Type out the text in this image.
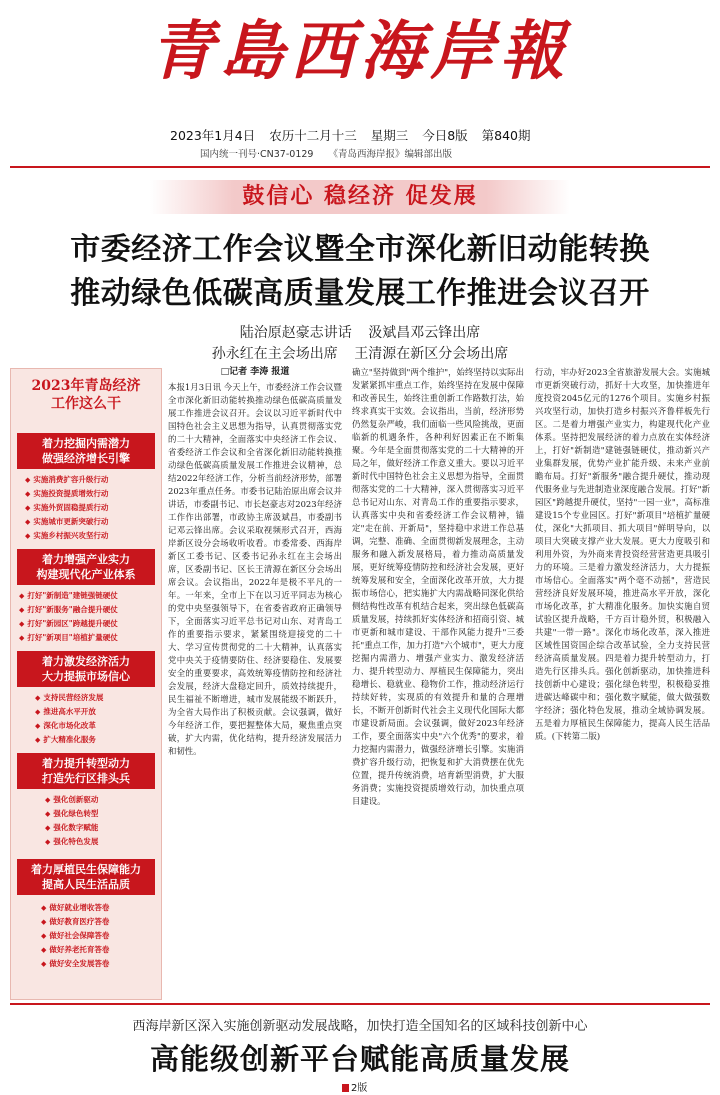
青島西海岸報
2023年1月4日 农历十二月十三 星期三 今日8版 第840期
国内统一刊号·CN37-0129 《青岛西海岸报》编辑部出版
鼓信心 稳经济 促发展
市委经济工作会议暨全市深化新旧动能转换
推动绿色低碳高质量发展工作推进会议召开
陆治原赵豪志讲话 汲斌昌邓云锋出席
孙永红在主会场出席 王清源在新区分会场出席
2023年青岛经济
工作这么干
着力挖掘内需潜力
做强经济增长引擎
◆ 实施消费扩容升级行动
◆ 实施投资提质增效行动
◆ 实施外贸固稳提质行动
◆ 实施城市更新突破行动
◆ 实施乡村振兴攻坚行动
着力增强产业实力
构建现代化产业体系
◆ 打好"新制造"建链强链硬仗
◆ 打好"新服务"融合提升硬仗
◆ 打好"新园区"跨越提升硬仗
◆ 打好"新项目"培植扩量硬仗
着力激发经济活力
大力提振市场信心
◆ 支持民营经济发展
◆ 推进高水平开放
◆ 深化市场化改革
◆ 扩大精准化服务
着力提升转型动力
打造先行区排头兵
◆ 强化创新驱动
◆ 强化绿色转型
◆ 强化数字赋能
◆ 强化特色发展
着力厚植民生保障能力
提高人民生活品质
◆ 做好就业增收答卷
◆ 做好教育医疗答卷
◆ 做好社会保障答卷
◆ 做好养老托育答卷
◆ 做好安全发展答卷
□记者 李涛 报道
本报1月3日讯 今天上午，市委经济工作会议暨全市深化新旧动能转换推动绿色低碳高质量发展工作推进会议召开。会议以习近平新时代中国特色社会主义思想为指导，认真贯彻落实党的二十大精神，全面落实中央经济工作会议、省委经济工作会议和全省深化新旧动能转换推动绿色低碳高质量发展工作推进会议精神，总结2022年经济工作，分析当前经济形势，部署2023年重点任务。市委书记陆治原出席会议并讲话，市委副书记、市长赵豪志对2023年经济工作作出部署，市政协主席汲斌昌，市委副书记邓云锋出席。会议采取视频形式召开，西海岸新区设分会场收听收看。市委常委、西海岸新区工委书记、区委书记孙永红在主会场出席，区委副书记、区长王清源在新区分会场出席会议。会议指出，2022年是极不平凡的一年。一年来，全市上下在以习近平同志为核心的党中央坚强领导下，在省委省政府正确领导下，全面落实习近平总书记对山东、对青岛工作的重要指示要求，紧紧围绕迎接党的二十大、学习宣传贯彻党的二十大精神，认真落实党中央关于疫情要防住、经济要稳住、发展要安全的重要要求，高效统筹疫情防控和经济社会发展，经济大盘稳定回升，质效持续提升，民生福祉不断增进，城市发展能级不断跃升，为全省大局作出了积极贡献。会议强调，做好今年经济工作，要把握整体大局，聚焦重点突破，扩大内需，优化结构，提升经济发展活力和韧性。
确立"坚持做到"两个维护"，始终坚持以实际出发紧紧抓牢重点工作，始终坚持在发展中保障和改善民生，始终注重创新工作路数打法，始终求真实干实效。会议指出，当前，经济形势仍然复杂严峻，我们面临一些风险挑战，更面临新的机遇条件，各种利好因素正在不断集聚。今年是全面贯彻落实党的二十大精神的开局之年，做好经济工作意义重大。要以习近平新时代中国特色社会主义思想为指导，全面贯彻落实党的二十大精神，深入贯彻落实习近平总书记对山东、对青岛工作的重要指示要求，认真落实中央和省委经济工作会议精神，锚定"走在前、开新局"，坚持稳中求进工作总基调，完整、准确、全面贯彻新发展理念，主动服务和融入新发展格局，着力推动高质量发展，更好统筹疫情防控和经济社会发展，更好统筹发展和安全，全面深化改革开放，大力提振市场信心，把实施扩大内需战略同深化供给侧结构性改革有机结合起来，突出绿色低碳高质量发展，持续抓好实体经济和招商引资、城市更新和城市建设、干部作风能力提升"三委托"重点工作，加力打造"六个城市"，更大力度挖掘内需潜力、增强产业实力、激发经济活力、提升转型动力、厚植民生保障能力，突出稳增长、稳就业、稳物价工作，推动经济运行持续好转，实现质的有效提升和量的合理增长，不断开创新时代社会主义现代化国际大都市建设新局面。会议强调，做好2023年经济工作，要全面落实中央"六个优秀"的要求，着力挖掘内需潜力，做强经济增长引擎。实施消费扩容升级行动，把恢复和扩大消费摆在优先位置，提升传统消费，培育新型消费，扩大服务消费；实施投资提质增效行动，加快重点项目建设。
行动，牢办好2023全省旅游发展大会。实施城市更新突破行动，抓好十大攻坚，加快推进年度投资2045亿元的1276个项目。实施乡村振兴攻坚行动，加快打造乡村振兴齐鲁样板先行区。二是着力增强产业实力，构建现代化产业体系。坚持把发展经济的着力点放在实体经济上，打好"新制造"建链强链硬仗，推动新兴产业集群发展，优势产业扩能升级、未来产业前瞻布局。打好"新服务"融合提升硬仗，推动现代服务业与先进制造业深度融合发展。打好"新园区"跨越提升硬仗，坚持"一园一业"，高标准建设15个专业园区。打好"新项目"培植扩量硬仗，深化"大抓项目、抓大项目"鲜明导向，以项目大突破支撑产业大发展。更大力度吸引和利用外资，为外商来青投资经营营造更具吸引力的环境。三是着力激发经济活力，大力提振市场信心。全面落实"两个毫不动摇"，营造民营经济良好发展环境，推进高水平开放，深化市场化改革，扩大精准化服务。加快实施自贸试验区提升战略，千方百计稳外贸，积极融入共建"一带一路"。深化市场化改革，深入推进区域性国资国企综合改革试验，全力支持民营经济高质量发展。四是着力提升转型动力，打造先行区排头兵。强化创新驱动，加快推进科技创新中心建设；强化绿色转型，积极稳妥推进碳达峰碳中和；强化数字赋能，做大做强数字经济；强化特色发展，推动全域协调发展。五是着力厚植民生保障能力，提高人民生活品质。(下转第二版)
西海岸新区深入实施创新驱动发展战略，加快打造全国知名的区域科技创新中心
高能级创新平台赋能高质量发展
2版
